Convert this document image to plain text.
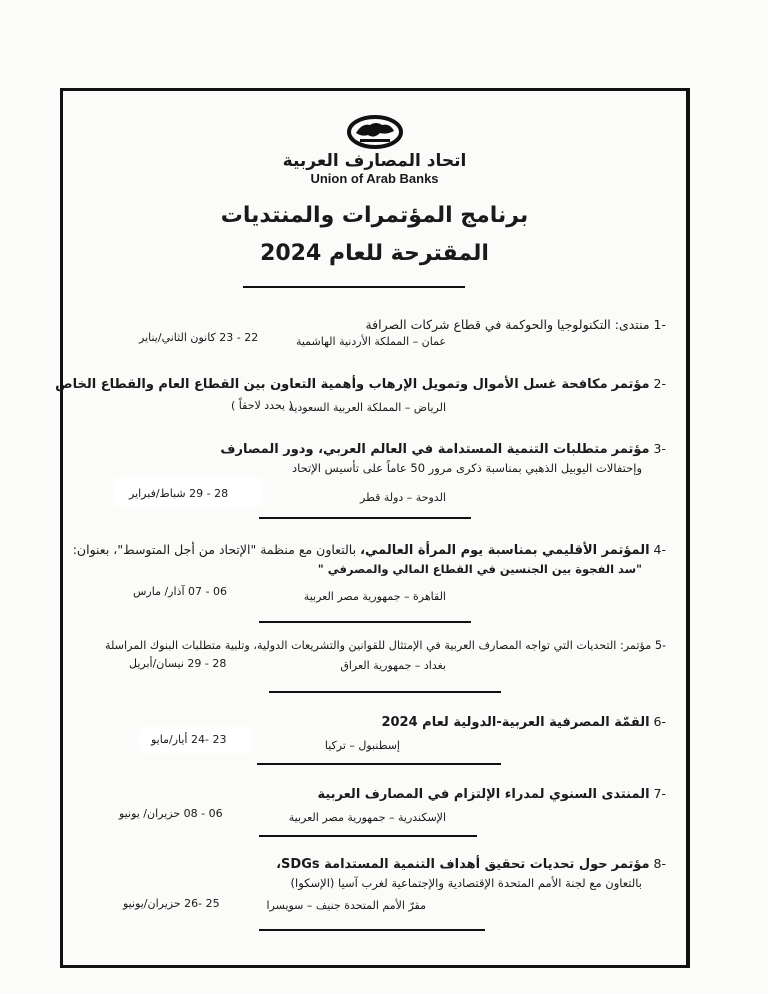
اتحاد المصارف العربية
Union of Arab Banks
برنامج المؤتمرات والمنتديات
المقترحة للعام 2024
-1 منتدى: التكنولوجيا والحوكمة في قطاع شركات الصرافة
عمان – المملكة الأردنية الهاشمية
22 - 23 كانون الثاني/يناير
-2 مؤتمر مكافحة غسل الأموال وتمويل الإرهاب وأهمية التعاون بين القطاع العام والقطاع الخاص
الرياض – المملكة العربية السعودية
( يحدد لاحقاً )
-3 مؤتمر متطلبات التنمية المستدامة في العالم العربي، ودور المصارف
وإحتفالات اليوبيل الذهبي بمناسبة ذكرى مرور 50 عاماً على تأسيس الإتحاد
الدوحة – دولة قطر
28 - 29 شباط/فبراير
-4 المؤتمر الأقليمي بمناسبة يوم المرأة العالمي، بالتعاون مع منظمة "الإتحاد من أجل المتوسط"، بعنوان:
"سد الفجوة بين الجنسين في القطاع المالي والمصرفي "
القاهرة – جمهورية مصر العربية
06 - 07 آذار/ مارس
-5 مؤتمر: التحديات التي تواجه المصارف العربية في الإمتثال للقوانين والتشريعات الدولية، وتلبية متطلبات البنوك المراسلة
بغداد – جمهورية العراق
28 - 29 نيسان/أبريل
-6 القمّة المصرفية العربية-الدولية لعام 2024
إسطنبول – تركيا
23 -24 أيار/مايو
-7 المنتدى السنوي لمدراء الإلتزام في المصارف العربية
الإسكندرية – جمهورية مصر العربية
06 - 08 حزيران/ يونيو
-8 مؤتمر حول تحديات تحقيق أهداف التنمية المستدامة SDGs،
بالتعاون مع لجنة الأمم المتحدة الإقتصادية والإجتماعية لغرب آسيا (الإسكوا)
مقرّ الأمم المتحدة جنيف – سويسرا
25 -26 حزيران/يونيو
